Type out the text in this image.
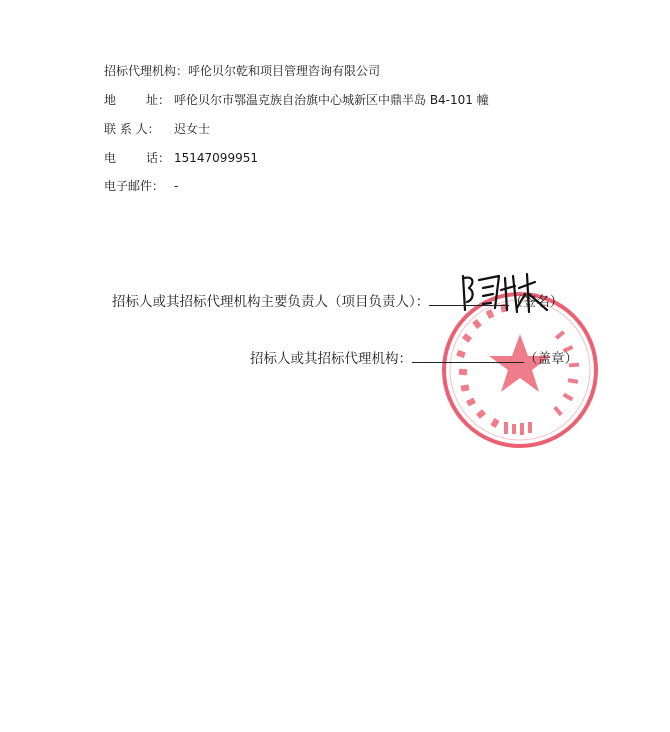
招标代理机构：呼伦贝尔乾和项目管理咨询有限公司
地 址： 呼伦贝尔市鄂温克族自治旗中心城新区中鼎半岛 B4-101 幢
联 系 人： 迟女士
电 话： 15147099951
电子邮件： -
招标人或其招标代理机构主要负责人（项目负责人）：	（签名）
招标人或其招标代理机构：	（盖章）
